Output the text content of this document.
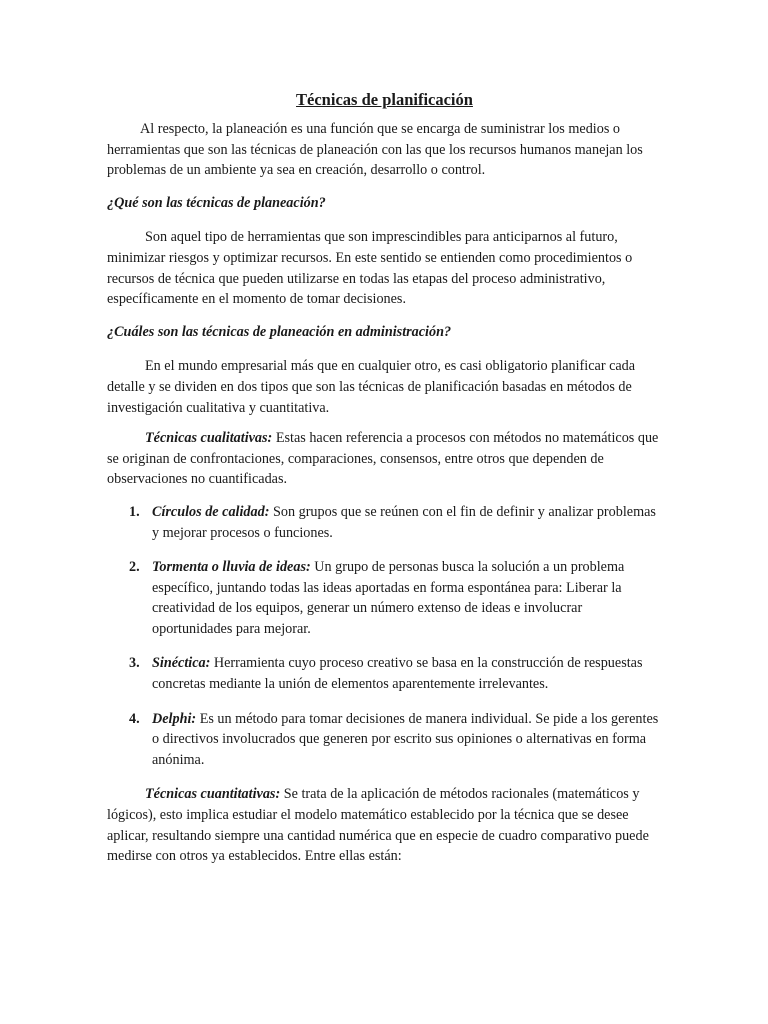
Técnicas de planificación

Al respecto, la planeación es una función que se encarga de suministrar los medios o herramientas que son las técnicas de planeación con las que los recursos humanos manejan los problemas de un ambiente ya sea en creación, desarrollo o control.

¿Qué son las técnicas de planeación?

Son aquel tipo de herramientas que son imprescindibles para anticiparnos al futuro, minimizar riesgos y optimizar recursos. En este sentido se entienden como procedimientos o recursos de técnica que pueden utilizarse en todas las etapas del proceso administrativo, específicamente en el momento de tomar decisiones.

¿Cuáles son las técnicas de planeación en administración?

En el mundo empresarial más que en cualquier otro, es casi obligatorio planificar cada detalle y se dividen en dos tipos que son las técnicas de planificación basadas en métodos de investigación cualitativa y cuantitativa.

Técnicas cualitativas: Estas hacen referencia a procesos con métodos no matemáticos que se originan de confrontaciones, comparaciones, consensos, entre otros que dependen de observaciones no cuantificadas.

1. Círculos de calidad: Son grupos que se reúnen con el fin de definir y analizar problemas y mejorar procesos o funciones.
2. Tormenta o lluvia de ideas: Un grupo de personas busca la solución a un problema específico, juntando todas las ideas aportadas en forma espontánea para: Liberar la creatividad de los equipos, generar un número extenso de ideas e involucrar oportunidades para mejorar.
3. Sinéctica: Herramienta cuyo proceso creativo se basa en la construcción de respuestas concretas mediante la unión de elementos aparentemente irrelevantes.
4. Delphi: Es un método para tomar decisiones de manera individual. Se pide a los gerentes o directivos involucrados que generen por escrito sus opiniones o alternativas en forma anónima.

Técnicas cuantitativas: Se trata de la aplicación de métodos racionales (matemáticos y lógicos), esto implica estudiar el modelo matemático establecido por la técnica que se desee aplicar, resultando siempre una cantidad numérica que en especie de cuadro comparativo puede medirse con otros ya establecidos. Entre ellas están:
